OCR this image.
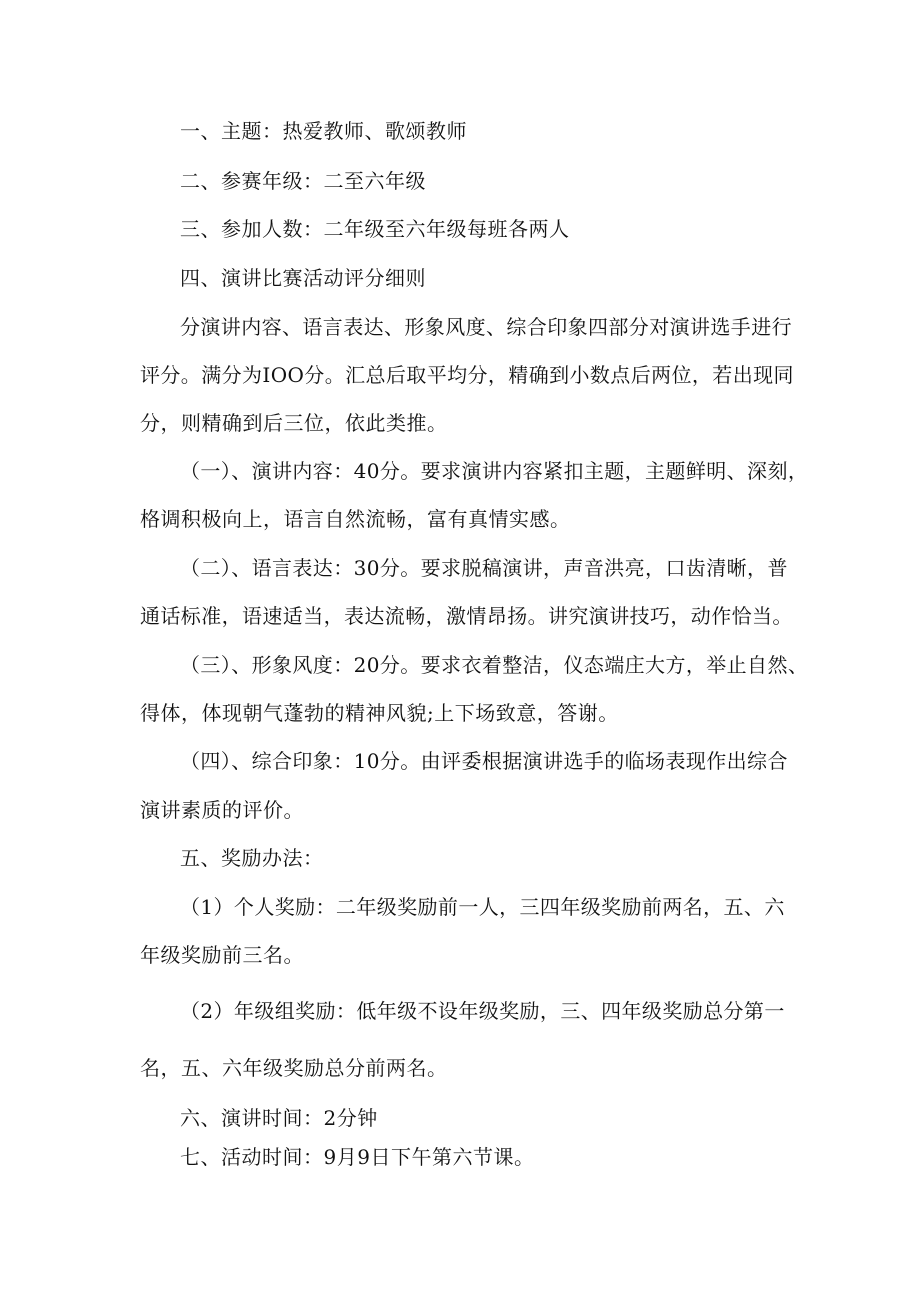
一、主题：热爱教师、歌颂教师
二、参赛年级：二至六年级
三、参加人数：二年级至六年级每班各两人
四、演讲比赛活动评分细则
分演讲内容、语言表达、形象风度、综合印象四部分对演讲选手进行
评分。满分为IOO分。汇总后取平均分，精确到小数点后两位，若出现同
分，则精确到后三位，依此类推。
（一）、演讲内容：40分。要求演讲内容紧扣主题，主题鲜明、深刻，
格调积极向上，语言自然流畅，富有真情实感。
（二）、语言表达：30分。要求脱稿演讲，声音洪亮，口齿清晰，普
通话标准，语速适当，表达流畅，激情昂扬。讲究演讲技巧，动作恰当。
（三）、形象风度：20分。要求衣着整洁，仪态端庄大方，举止自然、
得体，体现朝气蓬勃的精神风貌;上下场致意，答谢。
（四）、综合印象：10分。由评委根据演讲选手的临场表现作出综合
演讲素质的评价。
五、奖励办法：
（1）个人奖励：二年级奖励前一人，三四年级奖励前两名，五、六
年级奖励前三名。
（2）年级组奖励：低年级不设年级奖励，三、四年级奖励总分第一
名，五、六年级奖励总分前两名。
六、演讲时间：2分钟
七、活动时间：9月9日下午第六节课。
